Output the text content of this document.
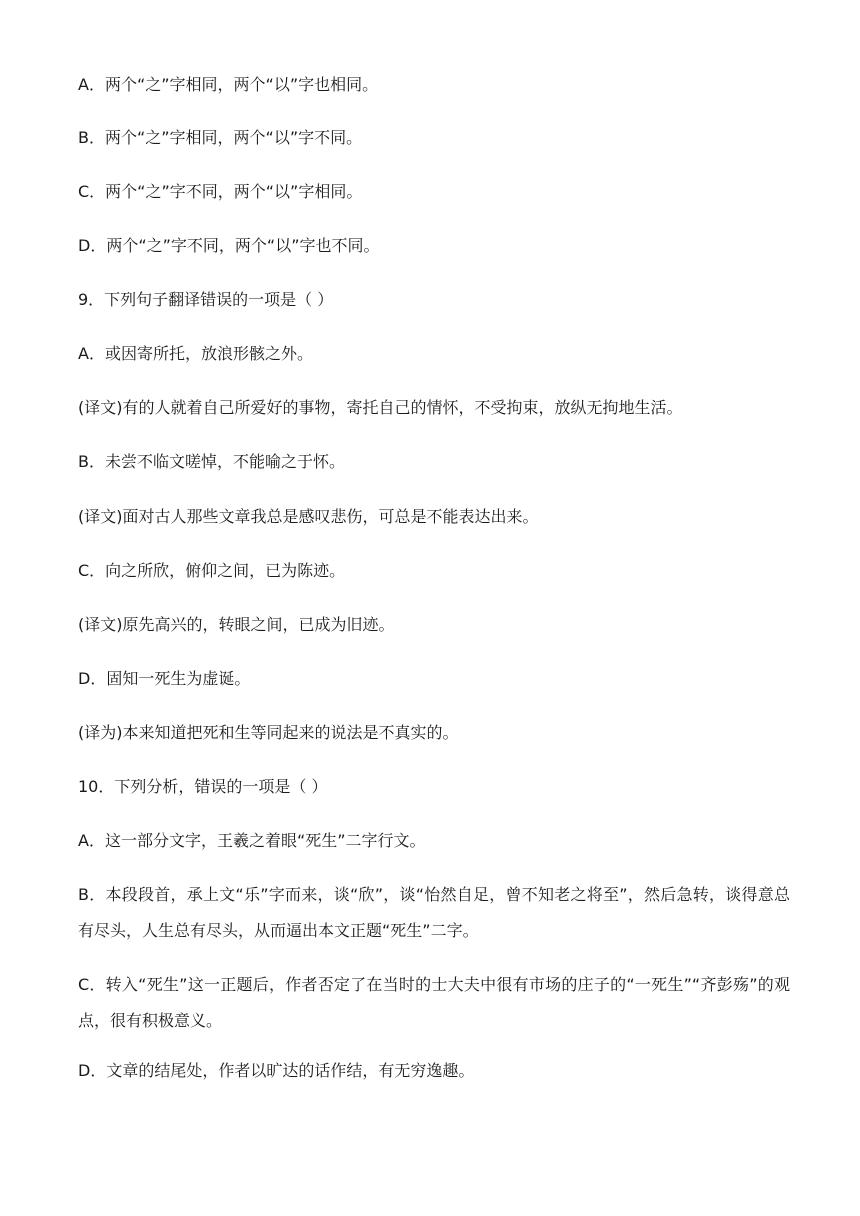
A．两个“之”字相同，两个“以”字也相同。
B．两个“之”字相同，两个“以”字不同。
C．两个“之”字不同，两个“以”字相同。
D．两个“之”字不同，两个“以”字也不同。
9．下列句子翻译错误的一项是（ ）
A．或因寄所托，放浪形骸之外。
(译文)有的人就着自己所爱好的事物，寄托自己的情怀，不受拘束，放纵无拘地生活。
B．未尝不临文嗟悼，不能喻之于怀。
(译文)面对古人那些文章我总是感叹悲伤，可总是不能表达出来。
C．向之所欣，俯仰之间，已为陈迹。
(译文)原先高兴的，转眼之间，已成为旧迹。
D．固知一死生为虚诞。
(译为)本来知道把死和生等同起来的说法是不真实的。
10．下列分析，错误的一项是（ ）
A．这一部分文字，王羲之着眼“死生”二字行文。
B．本段段首，承上文“乐”字而来，谈“欣”，谈“怡然自足，曾不知老之将至”，然后急转，谈得意总有尽头，人生总有尽头，从而逼出本文正题“死生”二字。
C．转入“死生”这一正题后，作者否定了在当时的士大夫中很有市场的庄子的“一死生”“齐彭殇”的观点，很有积极意义。
D．文章的结尾处，作者以旷达的话作结，有无穷逸趣。
